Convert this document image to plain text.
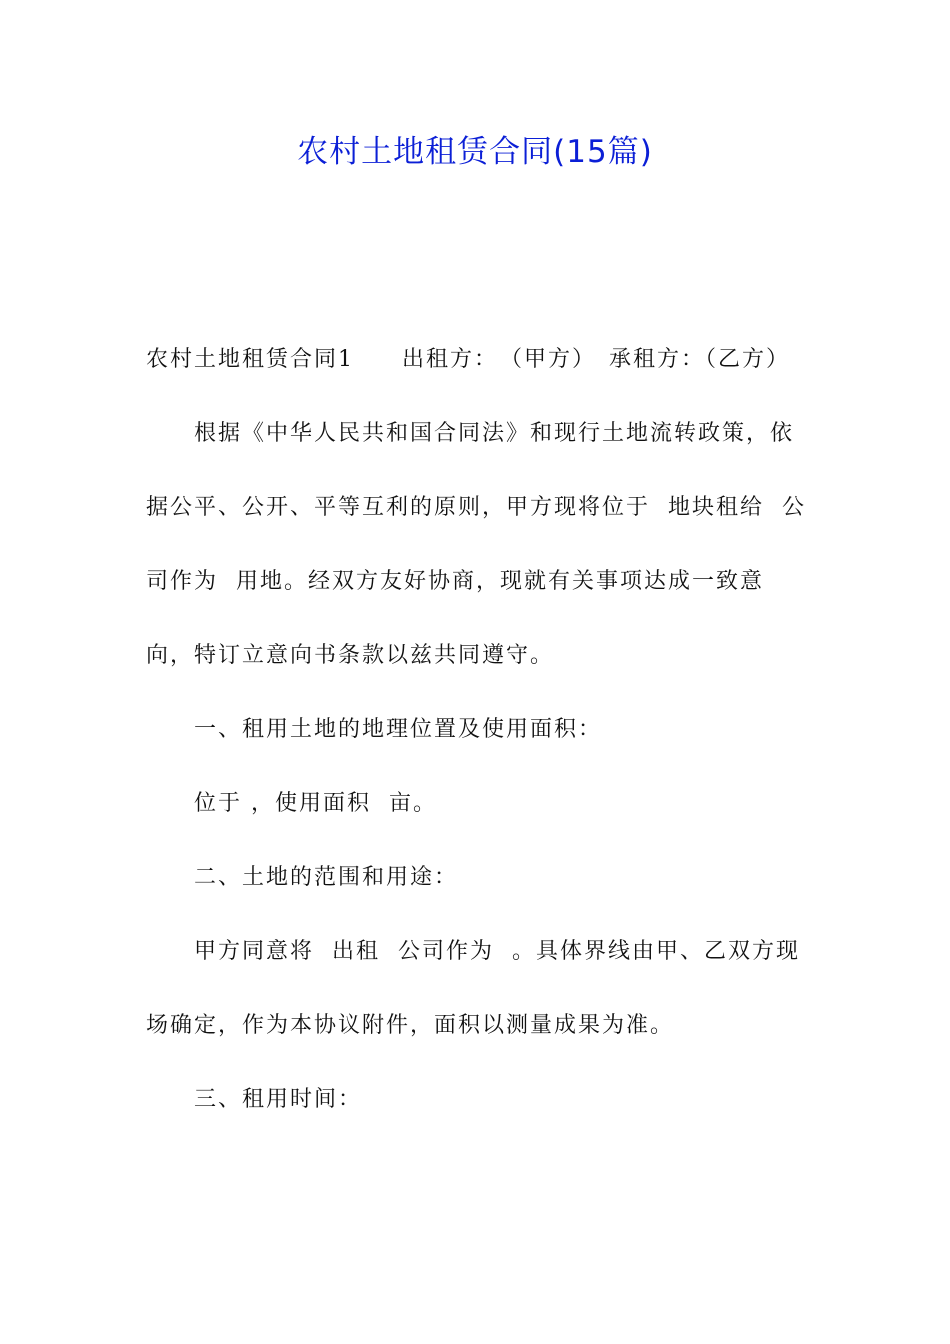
农村土地租赁合同(15篇)

农村土地租赁合同1　　出租方：　（甲方）　承租方：（乙方）

根据《中华人民共和国合同法》和现行土地流转政策，依据公平、公开、平等互利的原则，甲方现将位于  地块租给  公司作为  用地。经双方友好协商，现就有关事项达成一致意向，特订立意向书条款以兹共同遵守。

一、租用土地的地理位置及使用面积：

位于 ，使用面积  亩。

二、土地的范围和用途：

甲方同意将  出租  公司作为  。具体界线由甲、乙双方现场确定，作为本协议附件，面积以测量成果为准。

三、租用时间：
